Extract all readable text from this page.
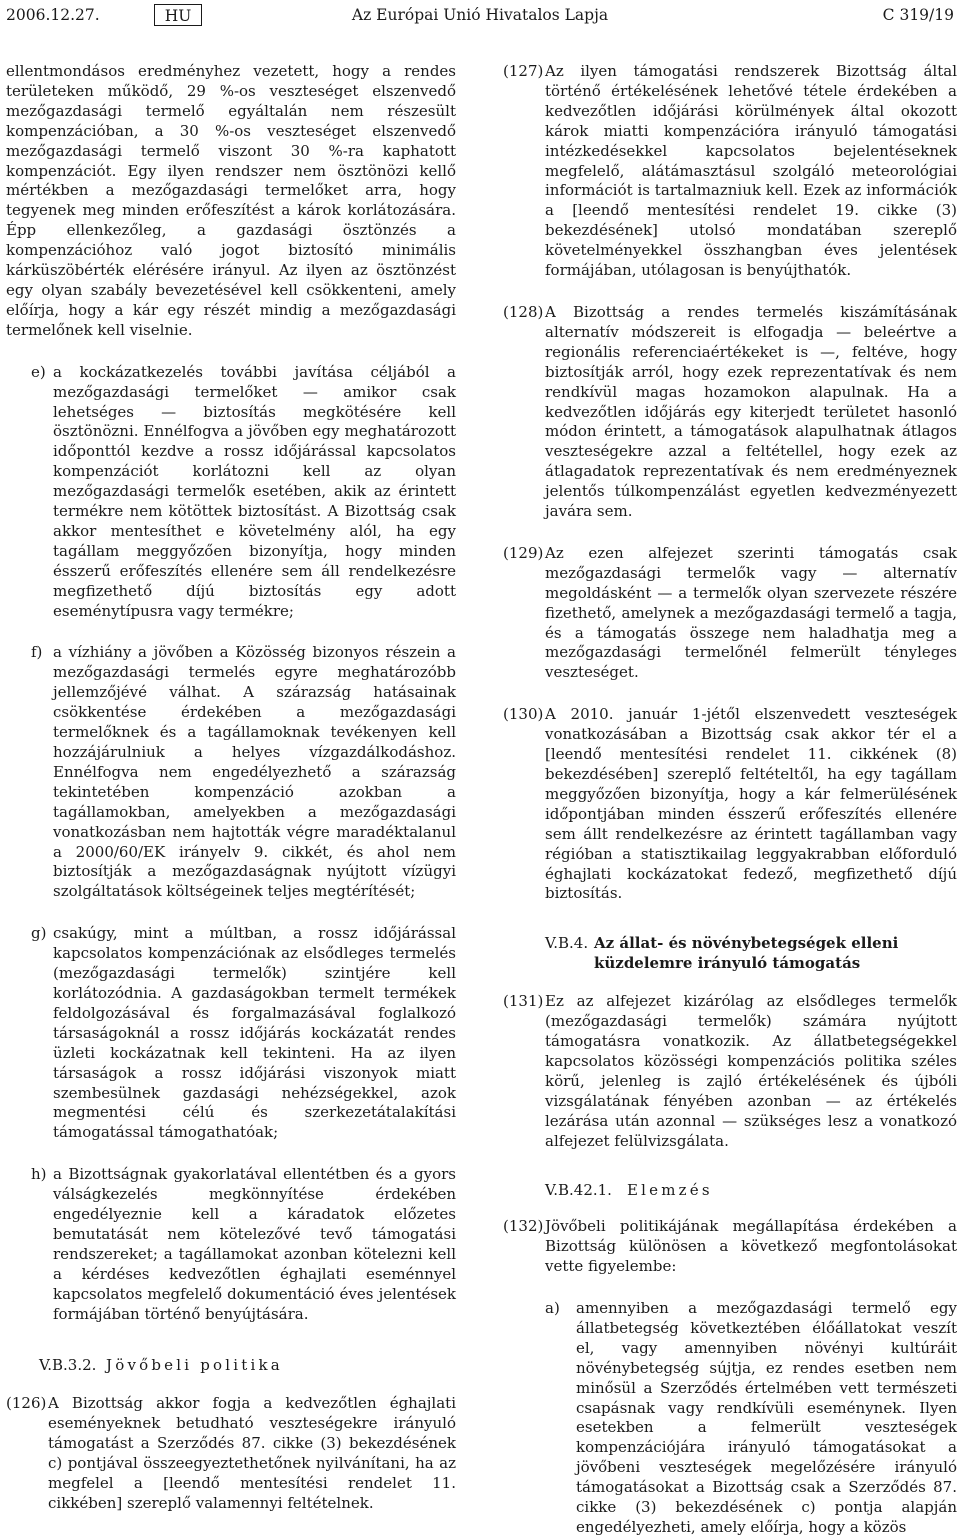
2006.12.27.	HU	Az Európai Unió Hivatalos Lapja	C 319/19

ellentmondásos eredményhez vezetett, hogy a rendes területeken működő, 29 %-os veszteséget elszenvedő mezőgazdasági termelő egyáltalán nem részesült kompenzációban, a 30 %-os veszteséget elszenvedő mezőgazdasági termelő viszont 30 %-ra kaphatott kompenzációt. Egy ilyen rendszer nem ösztönözi kellő mértékben a mezőgazdasági termelőket arra, hogy tegyenek meg minden erőfeszítést a károk korlátozására. Épp ellenkezőleg, a gazdasági ösztönzés a kompenzációhoz való jogot biztosító minimális kárküszöbérték elérésére irányul. Az ilyen az ösztönzést egy olyan szabály bevezetésével kell csökkenteni, amely előírja, hogy a kár egy részét mindig a mezőgazdasági termelőnek kell viselnie.

e) a kockázatkezelés további javítása céljából a mezőgazdasági termelőket — amikor csak lehetséges — biztosítás megkötésére kell ösztönözni. Ennélfogva a jövőben egy meghatározott időponttól kezdve a rossz időjárással kapcsolatos kompenzációt korlátozni kell az olyan mezőgazdasági termelők esetében, akik az érintett termékre nem kötöttek biztosítást. A Bizottság csak akkor mentesíthet e követelmény alól, ha egy tagállam meggyőzően bizonyítja, hogy minden ésszerű erőfeszítés ellenére sem áll rendelkezésre megfizethető díjú biztosítás egy adott eseménytípusra vagy termékre;
f) a vízhiány a jövőben a Közösség bizonyos részein a mezőgazdasági termelés egyre meghatározóbb jellemzőjévé válhat. A szárazság hatásainak csökkentése érdekében a mezőgazdasági termelőknek és a tagállamoknak tevékenyen kell hozzájárulniuk a helyes vízgazdálkodáshoz. Ennélfogva nem engedélyezhető a szárazság tekintetében kompenzáció azokban a tagállamokban, amelyekben a mezőgazdasági vonatkozásban nem hajtották végre maradéktalanul a 2000/60/EK irányelv 9. cikkét, és ahol nem biztosítják a mezőgazdaságnak nyújtott vízügyi szolgáltatások költségeinek teljes megtérítését;
g) csakúgy, mint a múltban, a rossz időjárással kapcsolatos kompenzációnak az elsődleges termelés (mezőgazdasági termelők) szintjére kell korlátozódnia. A gazdaságokban termelt termékek feldolgozásával és forgalmazásával foglalkozó társaságoknál a rossz időjárás kockázatát rendes üzleti kockázatnak kell tekinteni. Ha az ilyen társaságok a rossz időjárási viszonyok miatt szembesülnek gazdasági nehézségekkel, azok megmentési célú és szerkezetátalakítási támogatással támogathatóak;
h) a Bizottságnak gyakorlatával ellentétben és a gyors válságkezelés megkönnyítése érdekében engedélyeznie kell a káradatok előzetes bemutatását nem kötelezővé tevő támogatási rendszereket; a tagállamokat azonban kötelezni kell a kérdéses kedvezőtlen éghajlati eseménnyel kapcsolatos megfelelő dokumentáció éves jelentések formájában történő benyújtására.
V.B.3.2. Jövőbeli politika
(126) A Bizottság akkor fogja a kedvezőtlen éghajlati eseményeknek betudható veszteségekre irányuló támogatást a Szerződés 87. cikke (3) bekezdésének c) pontjával összeegyeztethetőnek nyilvánítani, ha az megfelel a [leendő mentesítési rendelet 11. cikkében] szereplő valamennyi feltételnek.
(127) Az ilyen támogatási rendszerek Bizottság által történő értékelésének lehetővé tétele érdekében a kedvezőtlen időjárási körülmények által okozott károk miatti kompenzációra irányuló támogatási intézkedésekkel kapcsolatos bejelentéseknek megfelelő, alátámasztásul szolgáló meteorológiai információt is tartalmazniuk kell. Ezek az információk a [leendő mentesítési rendelet 19. cikke (3) bekezdésének] utolsó mondatában szereplő követelményekkel összhangban éves jelentések formájában, utólagosan is benyújthatók.
(128) A Bizottság a rendes termelés kiszámításának alternatív módszereit is elfogadja — beleértve a regionális referenciaértékeket is —, feltéve, hogy biztosítják arról, hogy ezek reprezentatívak és nem rendkívül magas hozamokon alapulnak. Ha a kedvezőtlen időjárás egy kiterjedt területet hasonló módon érintett, a támogatások alapulhatnak átlagos veszteségekre azzal a feltétellel, hogy ezek az átlagadatok reprezentatívak és nem eredményeznek jelentős túlkompenzálást egyetlen kedvezményezett javára sem.
(129) Az ezen alfejezet szerinti támogatás csak mezőgazdasági termelők vagy — alternatív megoldásként — a termelők olyan szervezete részére fizethető, amelynek a mezőgazdasági termelő a tagja, és a támogatás összege nem haladhatja meg a mezőgazdasági termelőnél felmerült tényleges veszteséget.
(130) A 2010. január 1-jétől elszenvedett veszteségek vonatkozásában a Bizottság csak akkor tér el a [leendő mentesítési rendelet 11. cikkének (8) bekezdésében] szereplő feltételtől, ha egy tagállam meggyőzően bizonyítja, hogy a kár felmerülésének időpontjában minden ésszerű erőfeszítés ellenére sem állt rendelkezésre az érintett tagállamban vagy régióban a statisztikailag leggyakrabban előforduló éghajlati kockázatokat fedező, megfizethető díjú biztosítás.
V.B.4. Az állat- és növénybetegségek elleni küzdelemre irányuló támogatás
(131) Ez az alfejezet kizárólag az elsődleges termelők (mezőgazdasági termelők) számára nyújtott támogatásra vonatkozik. Az állatbetegségekkel kapcsolatos közösségi kompenzációs politika széles körű, jelenleg is zajló értékelésének és újbóli vizsgálatának fényében azonban — az értékelés lezárása után azonnal — szükséges lesz a vonatkozó alfejezet felülvizsgálata.
V.B.42.1.	Elemzés
(132) Jövőbeli politikájának megállapítása érdekében a Bizottság különösen a következő megfontolásokat vette figyelembe:
a)	amennyiben a mezőgazdasági termelő egy állatbetegség következtében élőállatokat veszít el, vagy amennyiben növényi kultúráit növénybetegség sújtja, ez rendes esetben nem minősül a Szerződés értelmében vett természeti csapásnak vagy rendkívüli eseménynek. Ilyen esetekben a felmerült veszteségek kompenzációjára irányuló támogatásokat a jövőbeni veszteségek megelőzésére irányuló támogatásokat a Bizottság csak a Szerződés 87. cikke (3) bekezdésének c) pontja alapján engedélyezheti, amely előírja, hogy a közös
